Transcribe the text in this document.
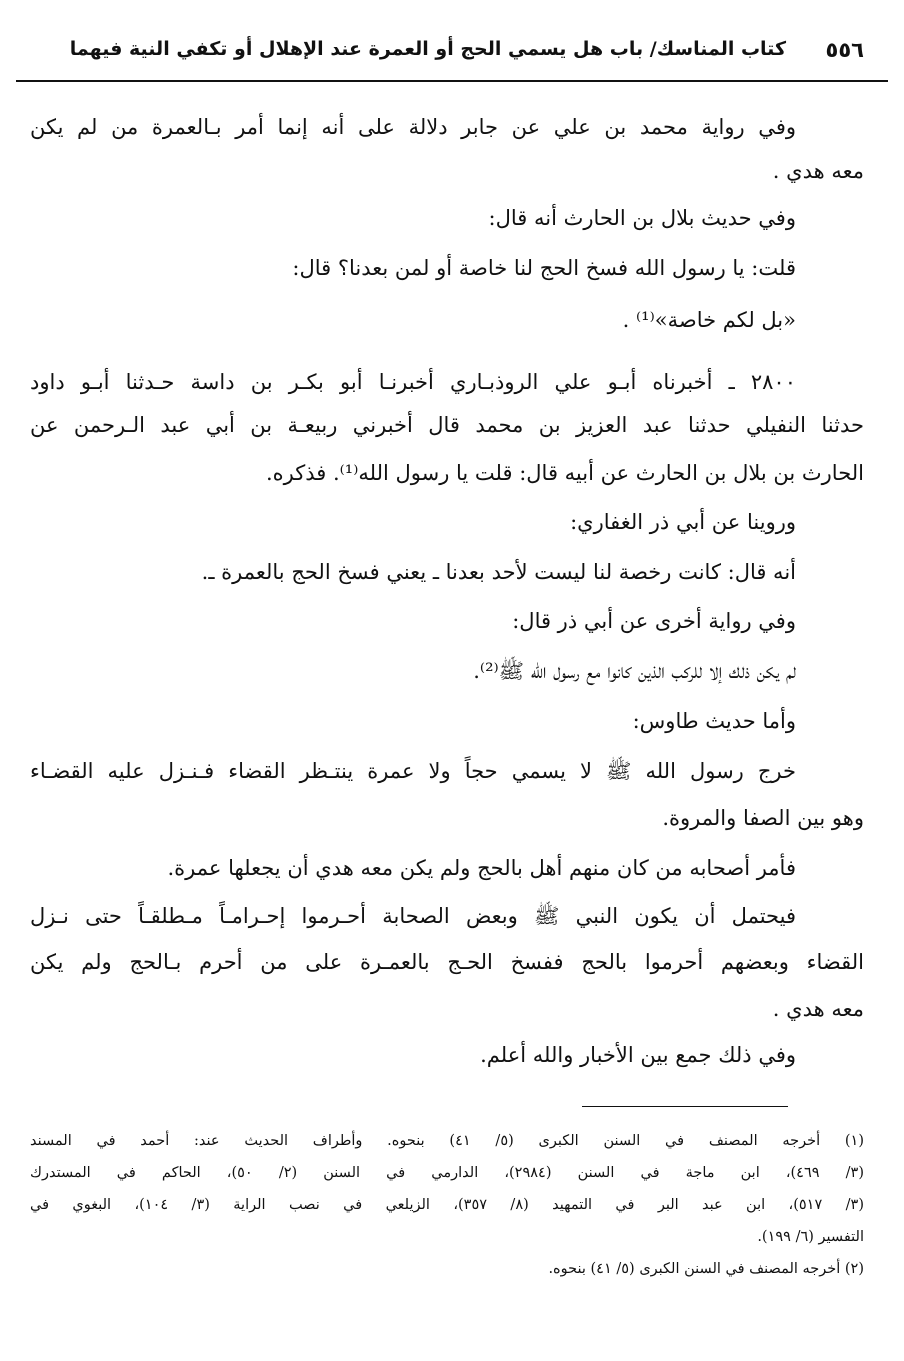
٥٥٦
كتاب المناسك/ باب هل يسمي الحج أو العمرة عند الإهلال أو تكفي النية فيهما
وفي رواية محمد بن علي عن جابر دلالة على أنه إنما أمر بـالعمرة من لم يكن
معه هدي .
وفي حديث بلال بن الحارث أنه قال:
قلت: يا رسول الله فسخ الحج لنا خاصة أو لمن بعدنا؟ قال:
«بل لكم خاصة»⁽¹⁾ .
٢٨٠٠ ـ أخبرناه أبـو علي الروذبـاري أخبرنـا أبو بكـر بن داسة حـدثنا أبـو داود
حدثنا النفيلي حدثنا عبد العزيز بن محمد قال أخبرني ربيعـة بن أبي عبد الـرحمن عن
الحارث بن بلال بن الحارث عن أبيه قال: قلت يا رسول الله⁽¹⁾. فذكره.
وروينا عن أبي ذر الغفاري:
أنه قال: كانت رخصة لنا ليست لأحد بعدنا ـ يعني فسخ الحج بالعمرة ـ.
وفي رواية أخرى عن أبي ذر قال:
لم يكن ذلك إلا للركب الذين كانوا مع رسول الله ﷺ⁽²⁾.
وأما حديث طاوس:
خرج رسول الله ﷺ لا يسمي حجاً ولا عمرة ينتـظر القضاء فـنـزل عليه القضـاء
وهو بين الصفا والمروة.
فأمر أصحابه من كان منهم أهل بالحج ولم يكن معه هدي أن يجعلها عمرة.
فيحتمل أن يكون النبي ﷺ وبعض الصحابة أحـرموا إحـرامـاً مـطلقـاً حتى نـزل
القضاء وبعضهم أحرموا بالحج ففسخ الحـج بالعمـرة على من أحرم بـالحج ولم يكن
معه هدي .
وفي ذلك جمع بين الأخبار والله أعلم.
(١) أخرجه المصنف في السنن الكبرى (٥/ ٤١) بنحوه. وأطراف الحديث عند: أحمد في المسند
(٣/ ٤٦٩)، ابن ماجة في السنن (٢٩٨٤)، الدارمي في السنن (٢/ ٥٠)، الحاكم في المستدرك
(٣/ ٥١٧)، ابن عبد البر في التمهيد (٨/ ٣٥٧)، الزيلعي في نصب الراية (٣/ ١٠٤)، البغوي في
التفسير (٦/ ١٩٩).
(٢) أخرجه المصنف في السنن الكبرى (٥/ ٤١) بنحوه.
